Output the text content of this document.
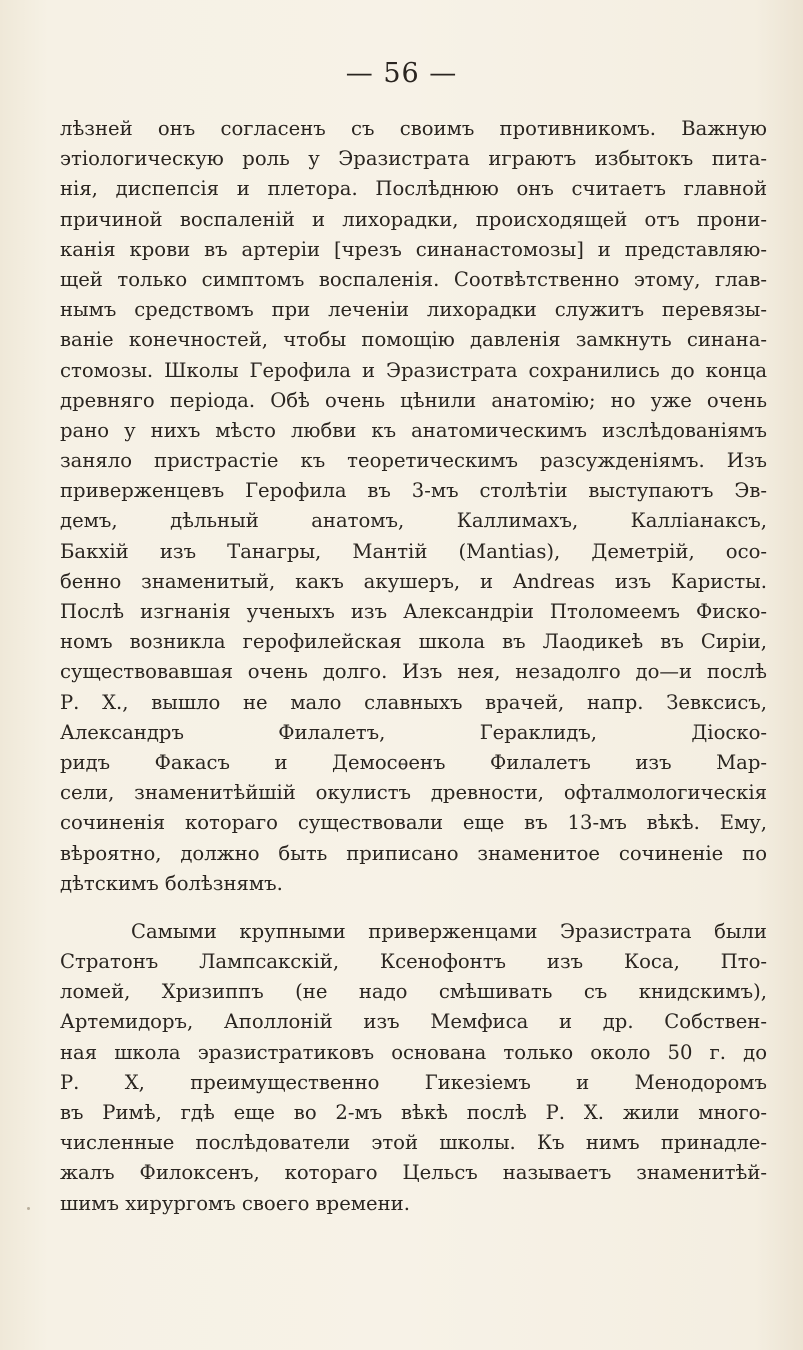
— 56 —
лѣзней онъ согласенъ съ своимъ противникомъ. Важную
этіологическую роль у Эразистрата играютъ избытокъ пита-
нія, диспепсія и плетора. Послѣднюю онъ считаетъ главной
причиной воспаленій и лихорадки, происходящей отъ прони-
канія крови въ артеріи [чрезъ синанастомозы] и представляю-
щей только симптомъ воспаленія. Соотвѣтственно этому, глав-
нымъ средствомъ при леченіи лихорадки служитъ перевязы-
ваніе конечностей, чтобы помощію давленія замкнуть синана-
стомозы. Школы Герофила и Эразистрата сохранились до конца
древняго періода. Обѣ очень цѣнили анатомію; но уже очень
рано у нихъ мѣсто любви къ анатомическимъ изслѣдованіямъ
заняло пристрастіе къ теоретическимъ разсужденіямъ. Изъ
приверженцевъ Герофила въ 3-мъ столѣтіи выступаютъ Эв-
демъ, дѣльный анатомъ, Каллимахъ, Калліанаксъ,
Бакхій изъ Танагры, Мантій (Mantias), Деметрій, осо-
бенно знаменитый, какъ акушеръ, и Andreas изъ Каристы.
Послѣ изгнанія ученыхъ изъ Александріи Птоломеемъ Фиско-
номъ возникла герофилейская школа въ Лаодикеѣ въ Сиріи,
существовавшая очень долго. Изъ нея, незадолго до—и послѣ
Р. Х., вышло не мало славныхъ врачей, напр. Зевксисъ,
Александръ Филалетъ, Гераклидъ, Діоско-
ридъ Факасъ и Демосѳенъ Филалетъ изъ Мар-
сели, знаменитѣйшій окулистъ древности, офталмологическія
сочиненія котораго существовали еще въ 13-мъ вѣкѣ. Ему,
вѣроятно, должно быть приписано знаменитое сочиненіе по
дѣтскимъ болѣзнямъ.
Самыми крупными приверженцами Эразистрата были
Стратонъ Лампсакскій, Ксенофонтъ изъ Коса, Пто-
ломей, Хризиппъ (не надо смѣшивать съ книдскимъ),
Артемидоръ, Аполлоній изъ Мемфиса и др. Собствен-
ная школа эразистратиковъ основана только около 50 г. до
Р. Х, преимущественно Гикезіемъ и Менодоромъ
въ Римѣ, гдѣ еще во 2-мъ вѣкѣ послѣ Р. Х. жили много-
численные послѣдователи этой школы. Къ нимъ принадле-
жалъ Филоксенъ, котораго Цельсъ называетъ знаменитѣй-
шимъ хирургомъ своего времени.
